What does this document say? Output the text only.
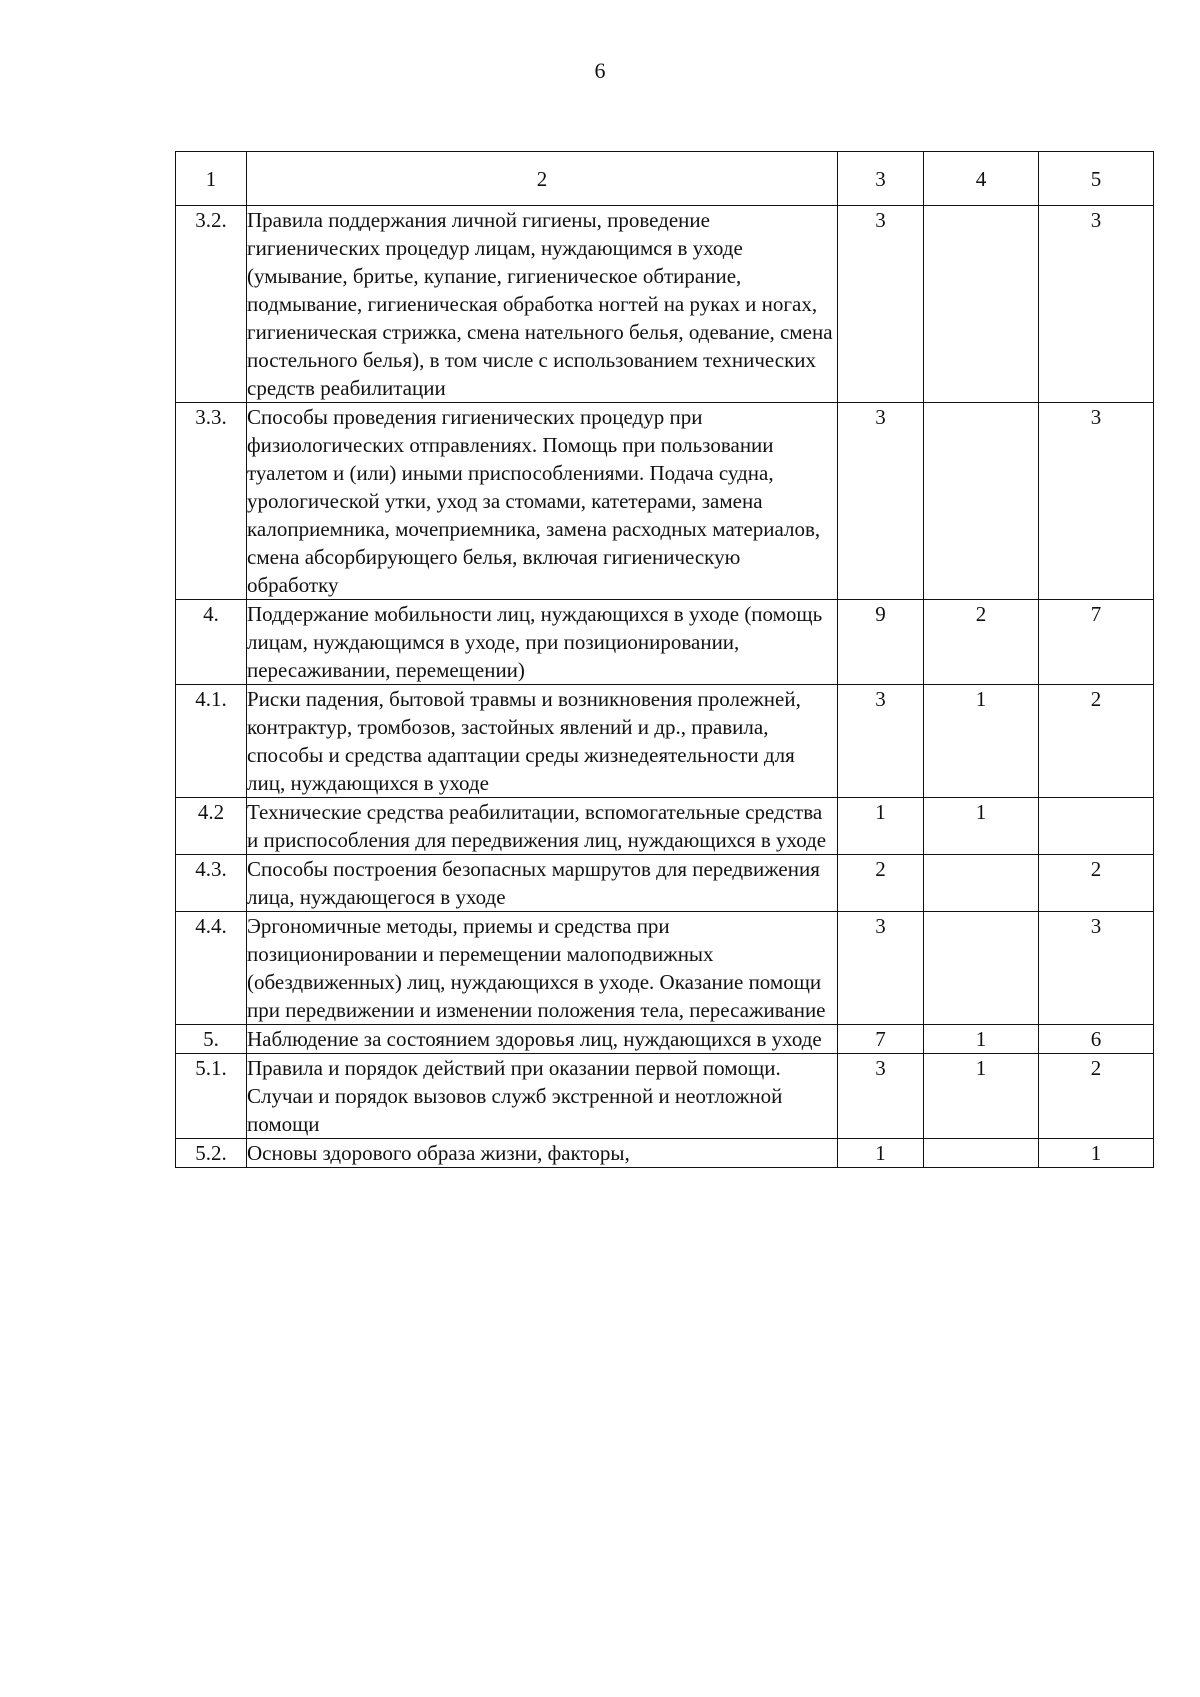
6
1	2	3	4	5
3.2.	Правила поддержания личной гигиены, проведение гигиенических процедур лицам, нуждающимся в уходе (умывание, бритье, купание, гигиеническое обтирание, подмывание, гигиеническая обработка ногтей на руках и ногах, гигиеническая стрижка, смена нательного белья, одевание, смена постельного белья), в том числе с использованием технических средств реабилитации	3		3
3.3.	Способы проведения гигиенических процедур при физиологических отправлениях. Помощь при пользовании туалетом и (или) иными приспособлениями. Подача судна, урологической утки, уход за стомами, катетерами, замена калоприемника, мочеприемника, замена расходных материалов, смена абсорбирующего белья, включая гигиеническую обработку	3		3
4.	Поддержание мобильности лиц, нуждающихся в уходе (помощь лицам, нуждающимся в уходе, при позиционировании, пересаживании, перемещении)	9	2	7
4.1.	Риски падения, бытовой травмы и возникновения пролежней, контрактур, тромбозов, застойных явлений и др., правила, способы и средства адаптации среды жизнедеятельности для лиц, нуждающихся в уходе	3	1	2
4.2	Технические средства реабилитации, вспомогательные средства и приспособления для передвижения лиц, нуждающихся в уходе	1	1	
4.3.	Способы построения безопасных маршрутов для передвижения лица, нуждающегося в уходе	2		2
4.4.	Эргономичные методы, приемы и средства при позиционировании и перемещении малоподвижных (обездвиженных) лиц, нуждающихся в уходе. Оказание помощи при передвижении и изменении положения тела, пересаживание	3		3
5.	Наблюдение за состоянием здоровья лиц, нуждающихся в уходе	7	1	6
5.1.	Правила и порядок действий при оказании первой помощи. Случаи и порядок вызовов служб экстренной и неотложной помощи	3	1	2
5.2.	Основы здорового образа жизни, факторы,	1		1
